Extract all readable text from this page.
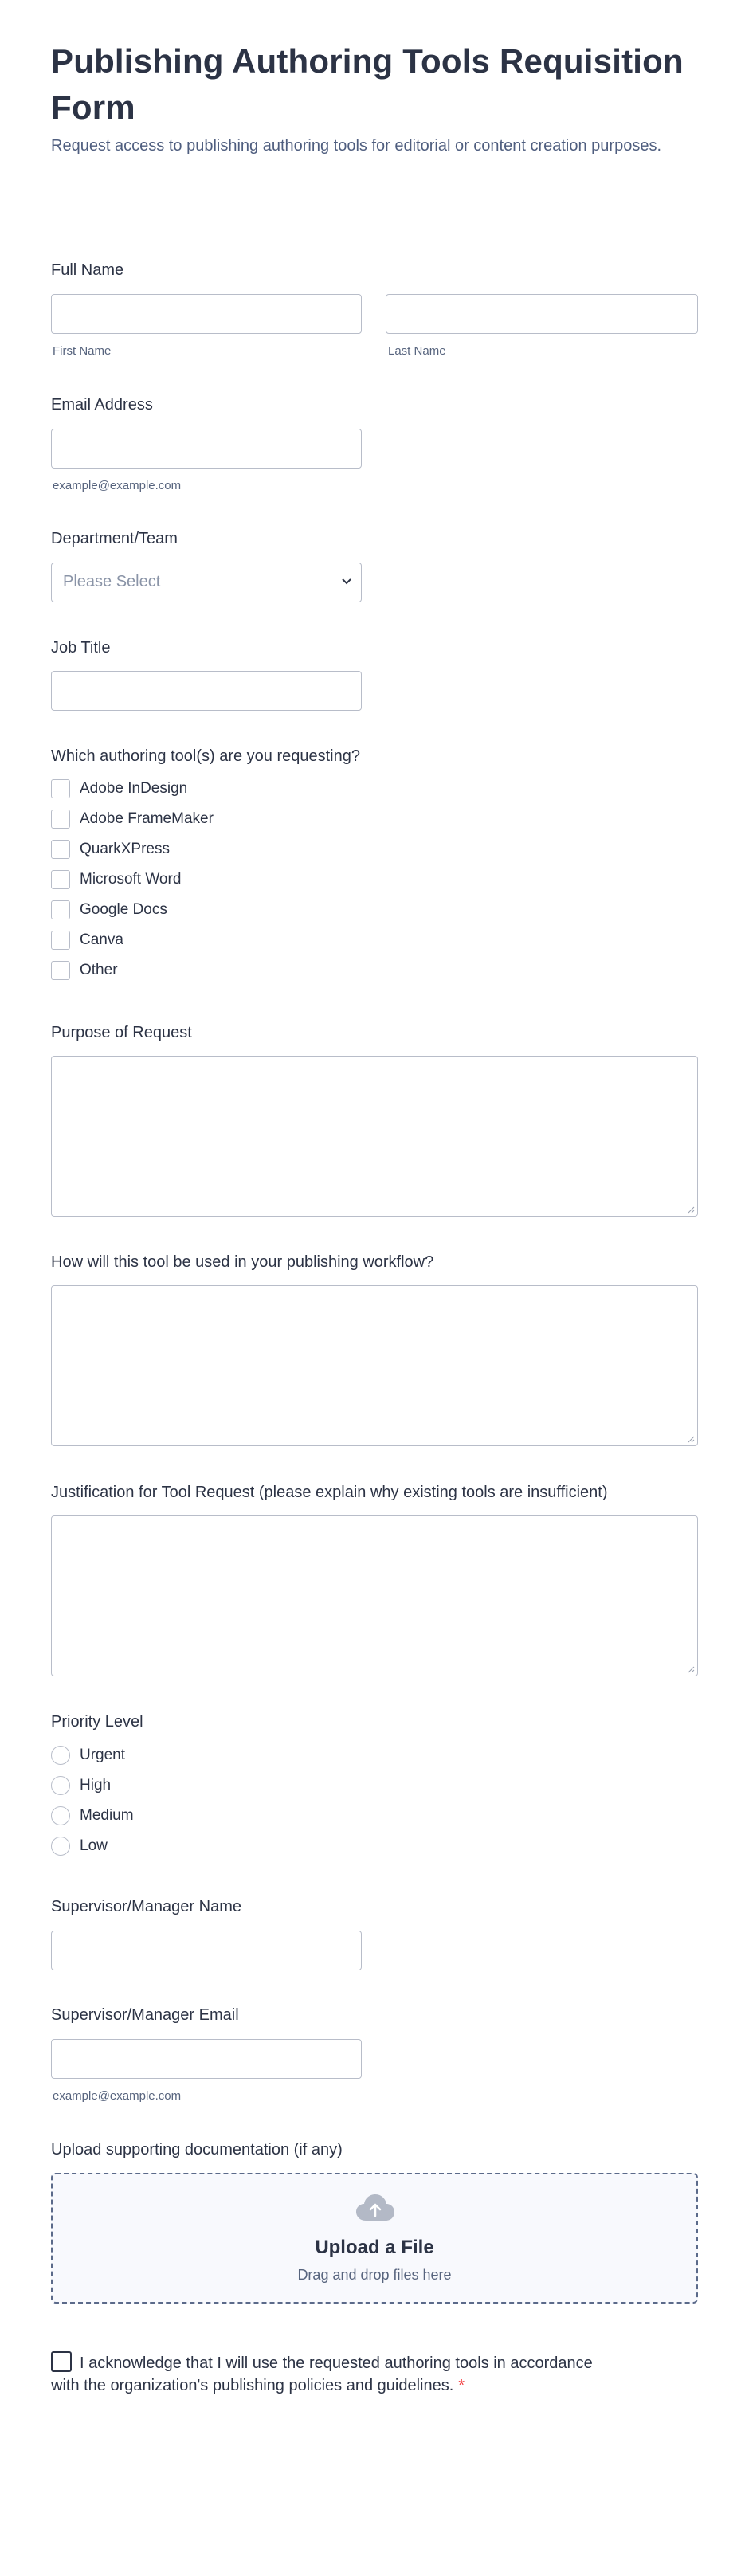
Publishing Authoring Tools Requisition Form
Request access to publishing authoring tools for editorial or content creation purposes.
Full Name
First Name	Last Name
Email Address
example@example.com
Department/Team
Please Select
Job Title
Which authoring tool(s) are you requesting?
Adobe InDesign
Adobe FrameMaker
QuarkXPress
Microsoft Word
Google Docs
Canva
Other
Purpose of Request
How will this tool be used in your publishing workflow?
Justification for Tool Request (please explain why existing tools are insufficient)
Priority Level
Urgent
High
Medium
Low
Supervisor/Manager Name
Supervisor/Manager Email
example@example.com
Upload supporting documentation (if any)
Upload a File
Drag and drop files here
I acknowledge that I will use the requested authoring tools in accordance with the organization's publishing policies and guidelines. *
